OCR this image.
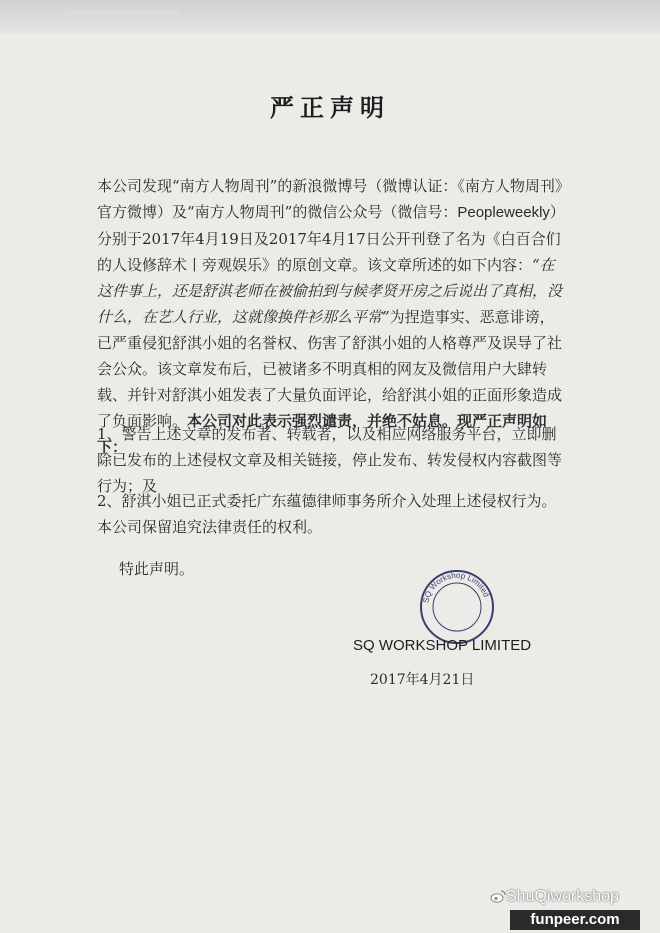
严正声明

本公司发现“南方人物周刊”的新浪微博号（微博认证：《南方人物周刊》官方微博）及“南方人物周刊”的微信公众号（微信号：Peopleweekly）分别于2017年4月19日及2017年4月17日公开刊登了名为《白百合们的人设修辞术丨旁观娱乐》的原创文章。该文章所述的如下内容：“在这件事上，还是舒淇老师在被偷拍到与候孝贤开房之后说出了真相，没什么，在艺人行业，这就像换件衫那么平常”为捏造事实、恶意诽谤，已严重侵犯舒淇小姐的名誉权、伤害了舒淇小姐的人格尊严及误导了社会公众。该文章发布后，已被诸多不明真相的网友及微信用户大肆转载、并针对舒淇小姐发表了大量负面评论，给舒淇小姐的正面形象造成了负面影响。本公司对此表示强烈谴责，并绝不姑息。现严正声明如下：

1、警告上述文章的发布者、转载者，以及相应网络服务平台，立即删除已发布的上述侵权文章及相关链接，停止发布、转发侵权内容截图等行为；及

2、舒淇小姐已正式委托广东蕴德律师事务所介入处理上述侵权行为。本公司保留追究法律责任的权利。

特此声明。

SQ Workshop Limited
SQ WORKSHOP LIMITED
2017年4月21日
ShuQiworkshop
funpeer.com
